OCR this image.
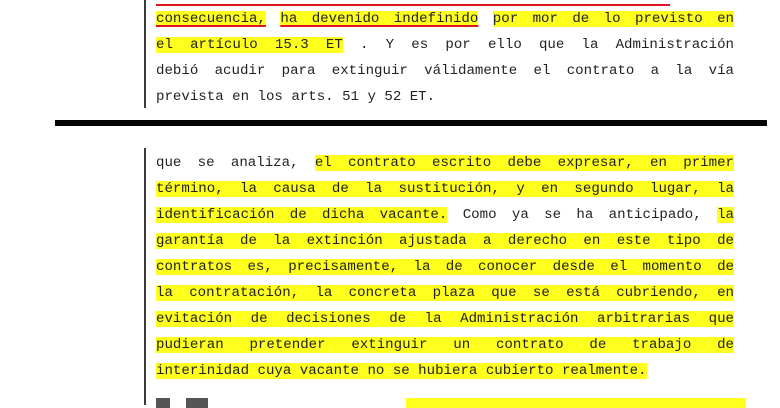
consecuencia, ha devenido indefinido por mor de lo previsto en
el artículo 15.3 ET . Y es por ello que la Administración
debió acudir para extinguir válidamente el contrato a la vía
prevista en los arts. 51 y 52 ET.
que se analiza, el contrato escrito debe expresar, en primer
término, la causa de la sustitución, y en segundo lugar, la
identificación de dicha vacante. Como ya se ha anticipado, la
garantía de la extinción ajustada a derecho en este tipo de
contratos es, precisamente, la de conocer desde el momento de
la contratación, la concreta plaza que se está cubriendo, en
evitación de decisiones de la Administración arbitrarias que
pudieran pretender extinguir un contrato de trabajo de
interinidad cuya vacante no se hubiera cubierto realmente.
